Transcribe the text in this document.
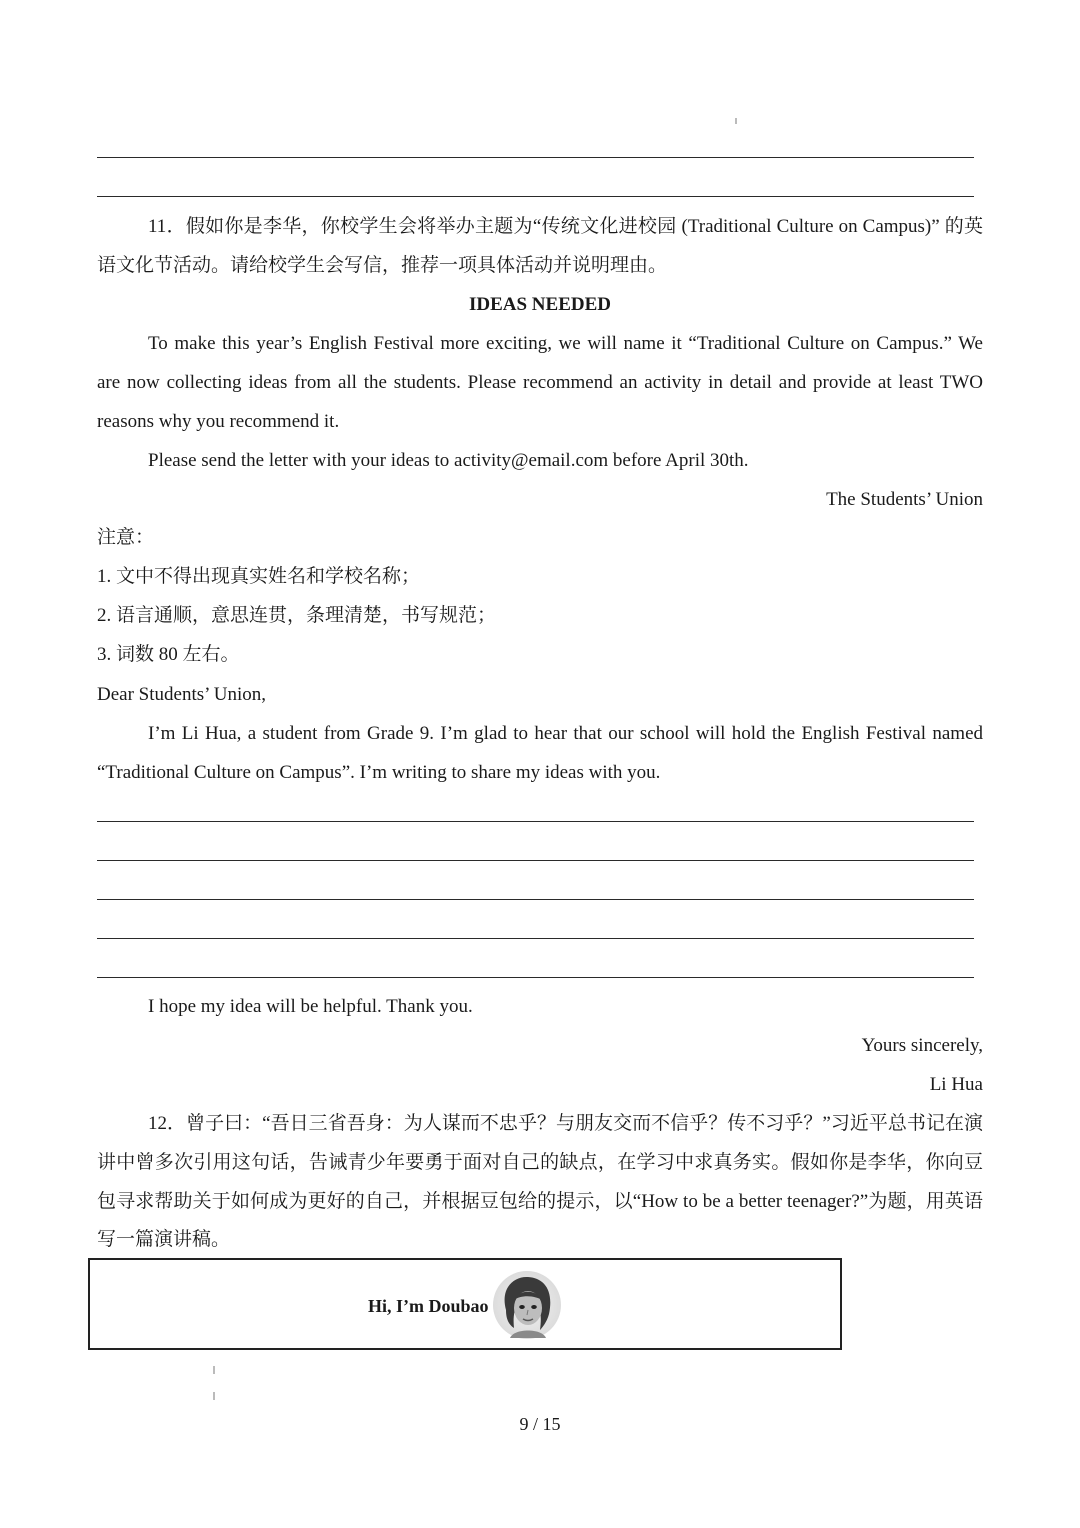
11．假如你是李华，你校学生会将举办主题为“传统文化进校园 (Traditional Culture on Campus)” 的英
语文化节活动。请给校学生会写信，推荐一项具体活动并说明理由。
IDEAS NEEDED
To make this year’s English Festival more exciting, we will name it “Traditional Culture on Campus.” We
are now collecting ideas from all the students. Please recommend an activity in detail and provide at least TWO
reasons why you recommend it.
Please send the letter with your ideas to activity@email.com before April 30th.
The Students’ Union
注意：
1. 文中不得出现真实姓名和学校名称；
2. 语言通顺，意思连贯，条理清楚，书写规范；
3. 词数 80 左右。
Dear Students’ Union,
I’m Li Hua, a student from Grade 9. I’m glad to hear that our school will hold the English Festival named
“Traditional Culture on Campus”. I’m writing to share my ideas with you.
I hope my idea will be helpful. Thank you.
Yours sincerely,
Li Hua
12．曾子曰：“吾日三省吾身：为人谋而不忠乎？与朋友交而不信乎？传不习乎？”习近平总书记在演
讲中曾多次引用这句话，告诫青少年要勇于面对自己的缺点，在学习中求真务实。假如你是李华，你向豆
包寻求帮助关于如何成为更好的自己，并根据豆包给的提示，以“How to be a better teenager?”为题，用英语
写一篇演讲稿。
Hi, I’m Doubao
9 / 15
